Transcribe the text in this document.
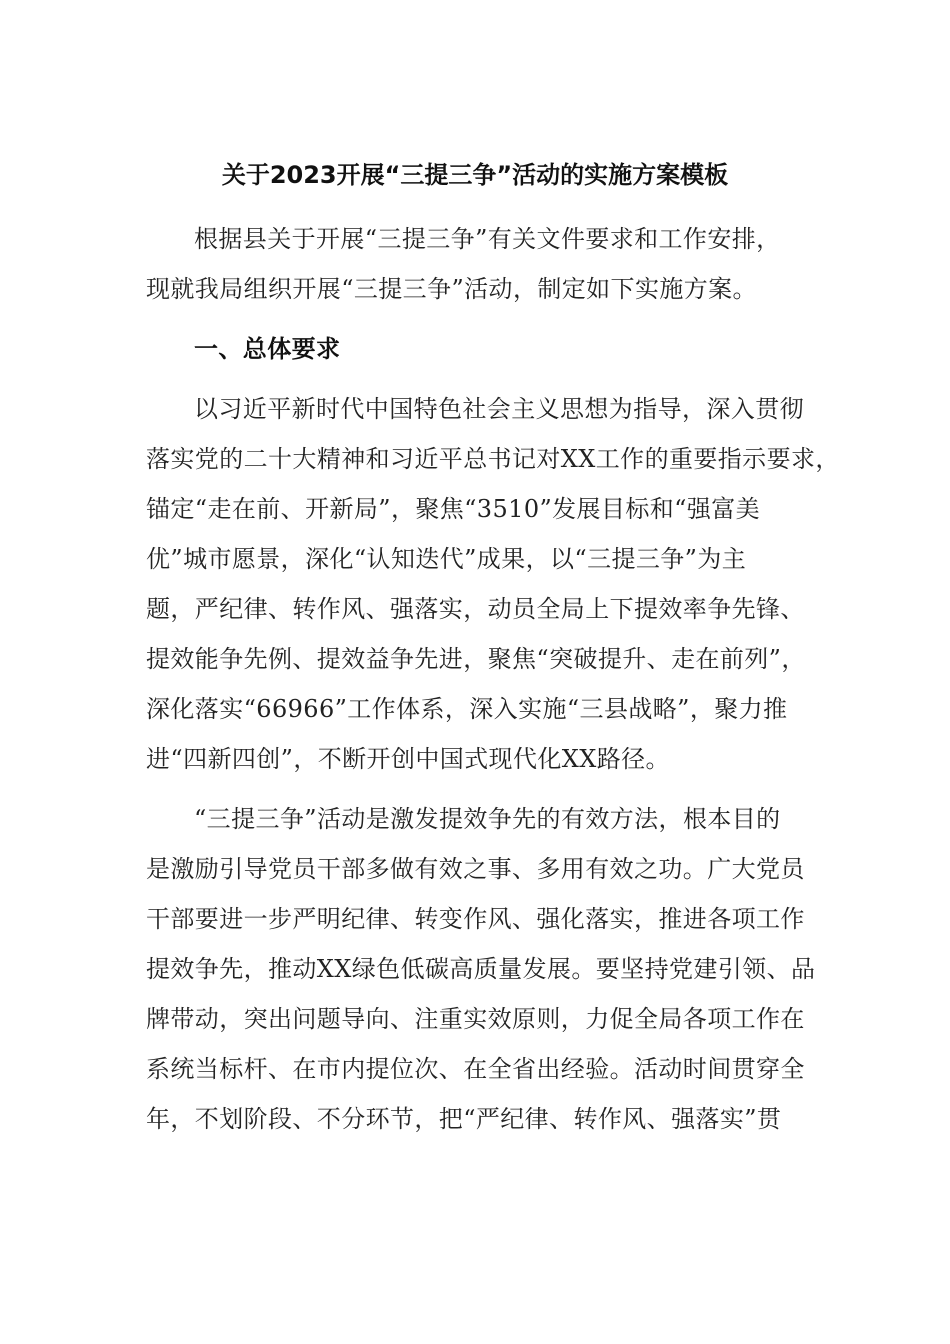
关于2023开展“三提三争”活动的实施方案模板
根据县关于开展“三提三争”有关文件要求和工作安排，
现就我局组织开展“三提三争”活动，制定如下实施方案。
一、总体要求
以习近平新时代中国特色社会主义思想为指导，深入贯彻
落实党的二十大精神和习近平总书记对XX工作的重要指示要求，
锚定“走在前、开新局”，聚焦“3510”发展目标和“强富美
优”城市愿景，深化“认知迭代”成果，以“三提三争”为主
题，严纪律、转作风、强落实，动员全局上下提效率争先锋、
提效能争先例、提效益争先进，聚焦“突破提升、走在前列”，
深化落实“66966”工作体系，深入实施“三县战略”，聚力推
进“四新四创”，不断开创中国式现代化XX路径。
“三提三争”活动是激发提效争先的有效方法，根本目的
是激励引导党员干部多做有效之事、多用有效之功。广大党员
干部要进一步严明纪律、转变作风、强化落实，推进各项工作
提效争先，推动XX绿色低碳高质量发展。要坚持党建引领、品
牌带动，突出问题导向、注重实效原则，力促全局各项工作在
系统当标杆、在市内提位次、在全省出经验。活动时间贯穿全
年，不划阶段、不分环节，把“严纪律、转作风、强落实”贯
